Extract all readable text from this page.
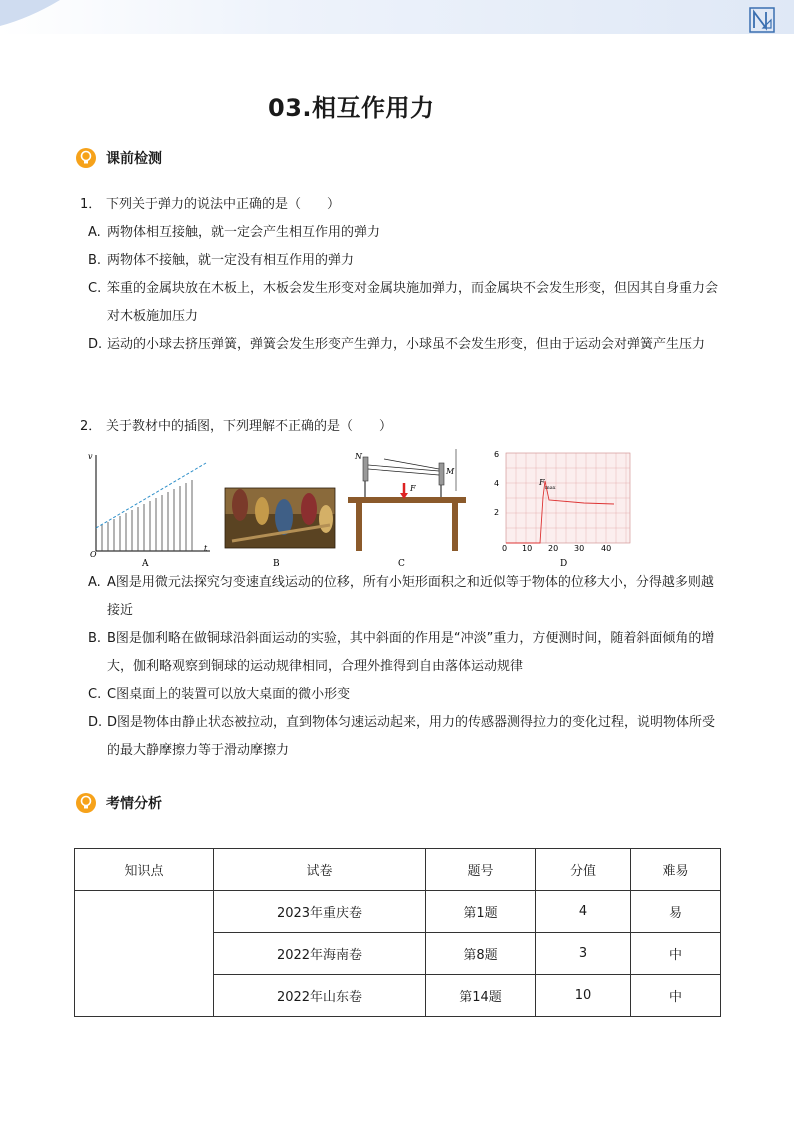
03.相互作用力
课前检测
1． 下列关于弹力的说法中正确的是（　　）
A. 两物体相互接触，就一定会产生相互作用的弹力
B. 两物体不接触，就一定没有相互作用的弹力
C. 笨重的金属块放在木板上，木板会发生形变对金属块施加弹力，而金属块不会发生形变，但因其自身重力会对木板施加压力
D. 运动的小球去挤压弹簧，弹簧会发生形变产生弹力，小球虽不会发生形变，但由于运动会对弹簧产生压力
2． 关于教材中的插图，下列理解不正确的是（　　）
v
t
O
A	B
N
M
F
C
6
4
2
0 10 20 30 40
F
max
D
A. A图是用微元法探究匀变速直线运动的位移，所有小矩形面积之和近似等于物体的位移大小，分得越多则越接近
B. B图是伽利略在做铜球沿斜面运动的实验，其中斜面的作用是“冲淡”重力，方便测时间，随着斜面倾角的增大，伽利略观察到铜球的运动规律相同，合理外推得到自由落体运动规律
C. C图桌面上的装置可以放大桌面的微小形变
D. D图是物体由静止状态被拉动，直到物体匀速运动起来，用力的传感器测得拉力的变化过程，说明物体所受的最大静摩擦力等于滑动摩擦力
考情分析
知识点	试卷	题号	分值	难易
	2023年重庆卷	第1题	4	易
	2022年海南卷	第8题	3	中
	2022年山东卷	第14题	10	中
